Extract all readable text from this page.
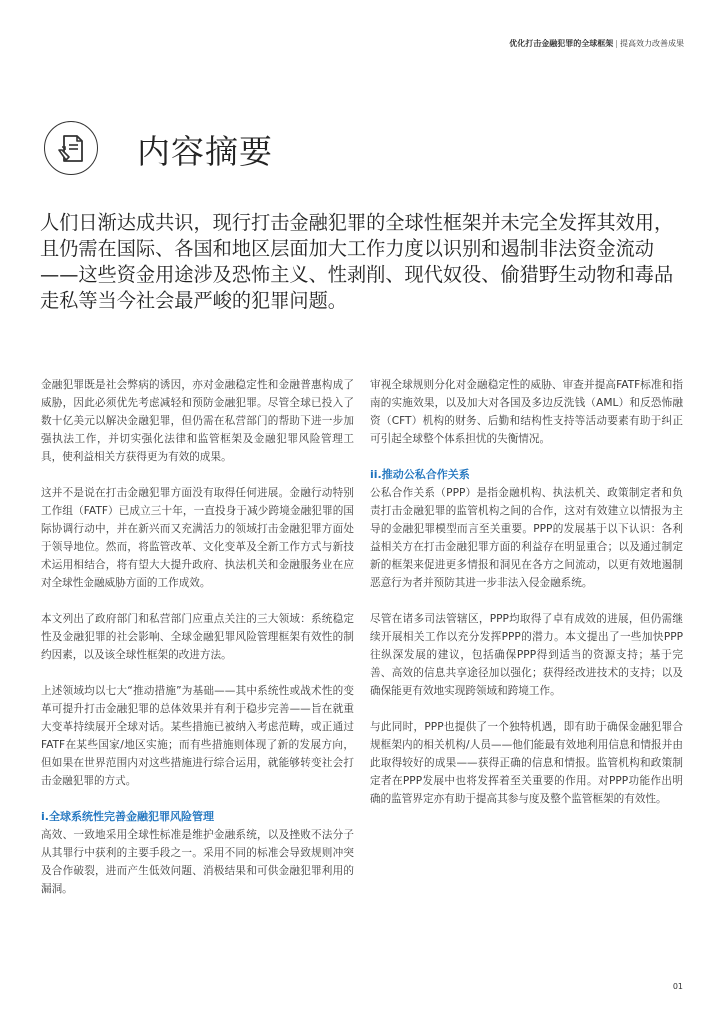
优化打击金融犯罪的全球框架 | 提高效力改善成果
内容摘要

人们日渐达成共识，现行打击金融犯罪的全球性框架并未完全发挥其效用，且仍需在国际、各国和地区层面加大工作力度以识别和遏制非法资金流动——这些资金用途涉及恐怖主义、性剥削、现代奴役、偷猎野生动物和毒品走私等当今社会最严峻的犯罪问题。

金融犯罪既是社会弊病的诱因，亦对金融稳定性和金融普惠构成了威胁，因此必须优先考虑减轻和预防金融犯罪。尽管全球已投入了数十亿美元以解决金融犯罪，但仍需在私营部门的帮助下进一步加强执法工作，并切实强化法律和监管框架及金融犯罪风险管理工具，使利益相关方获得更为有效的成果。

这并不是说在打击金融犯罪方面没有取得任何进展。金融行动特别工作组（FATF）已成立三十年，一直投身于减少跨境金融犯罪的国际协调行动中，并在新兴而又充满活力的领域打击金融犯罪方面处于领导地位。然而，将监管改革、文化变革及全新工作方式与新技术运用相结合，将有望大大提升政府、执法机关和金融服务业在应对全球性金融威胁方面的工作成效。

本文列出了政府部门和私营部门应重点关注的三大领域：系统稳定性及金融犯罪的社会影响、全球金融犯罪风险管理框架有效性的制约因素，以及该全球性框架的改进方法。

上述领域均以七大“推动措施”为基础——其中系统性或战术性的变革可提升打击金融犯罪的总体效果并有利于稳步完善——旨在就重大变革持续展开全球对话。某些措施已被纳入考虑范畴，或正通过FATF在某些国家/地区实施；而有些措施则体现了新的发展方向，但如果在世界范围内对这些措施进行综合运用，就能够转变社会打击金融犯罪的方式。

i.全球系统性完善金融犯罪风险管理

高效、一致地采用全球性标准是维护金融系统，以及挫败不法分子从其罪行中获利的主要手段之一。采用不同的标准会导致规则冲突及合作破裂，进而产生低效问题、消极结果和可供金融犯罪利用的漏洞。

审视全球规则分化对金融稳定性的威胁、审查并提高FATF标准和指南的实施效果，以及加大对各国及多边反洗钱（AML）和反恐怖融资（CFT）机构的财务、后勤和结构性支持等活动要素有助于纠正可引起全球整个体系担忧的失衡情况。

ii.推动公私合作关系

公私合作关系（PPP）是指金融机构、执法机关、政策制定者和负责打击金融犯罪的监管机构之间的合作，这对有效建立以情报为主导的金融犯罪模型而言至关重要。PPP的发展基于以下认识：各利益相关方在打击金融犯罪方面的利益存在明显重合；以及通过制定新的框架来促进更多情报和洞见在各方之间流动，以更有效地遏制恶意行为者并预防其进一步非法入侵金融系统。

尽管在诸多司法管辖区，PPP均取得了卓有成效的进展，但仍需继续开展相关工作以充分发挥PPP的潜力。本文提出了一些加快PPP往纵深发展的建议，包括确保PPP得到适当的资源支持；基于完善、高效的信息共享途径加以强化；获得经改进技术的支持；以及确保能更有效地实现跨领域和跨境工作。

与此同时，PPP也提供了一个独特机遇，即有助于确保金融犯罪合规框架内的相关机构/人员——他们能最有效地利用信息和情报并由此取得较好的成果——获得正确的信息和情报。监管机构和政策制定者在PPP发展中也将发挥着至关重要的作用。对PPP功能作出明确的监管界定亦有助于提高其参与度及整个监管框架的有效性。

01
